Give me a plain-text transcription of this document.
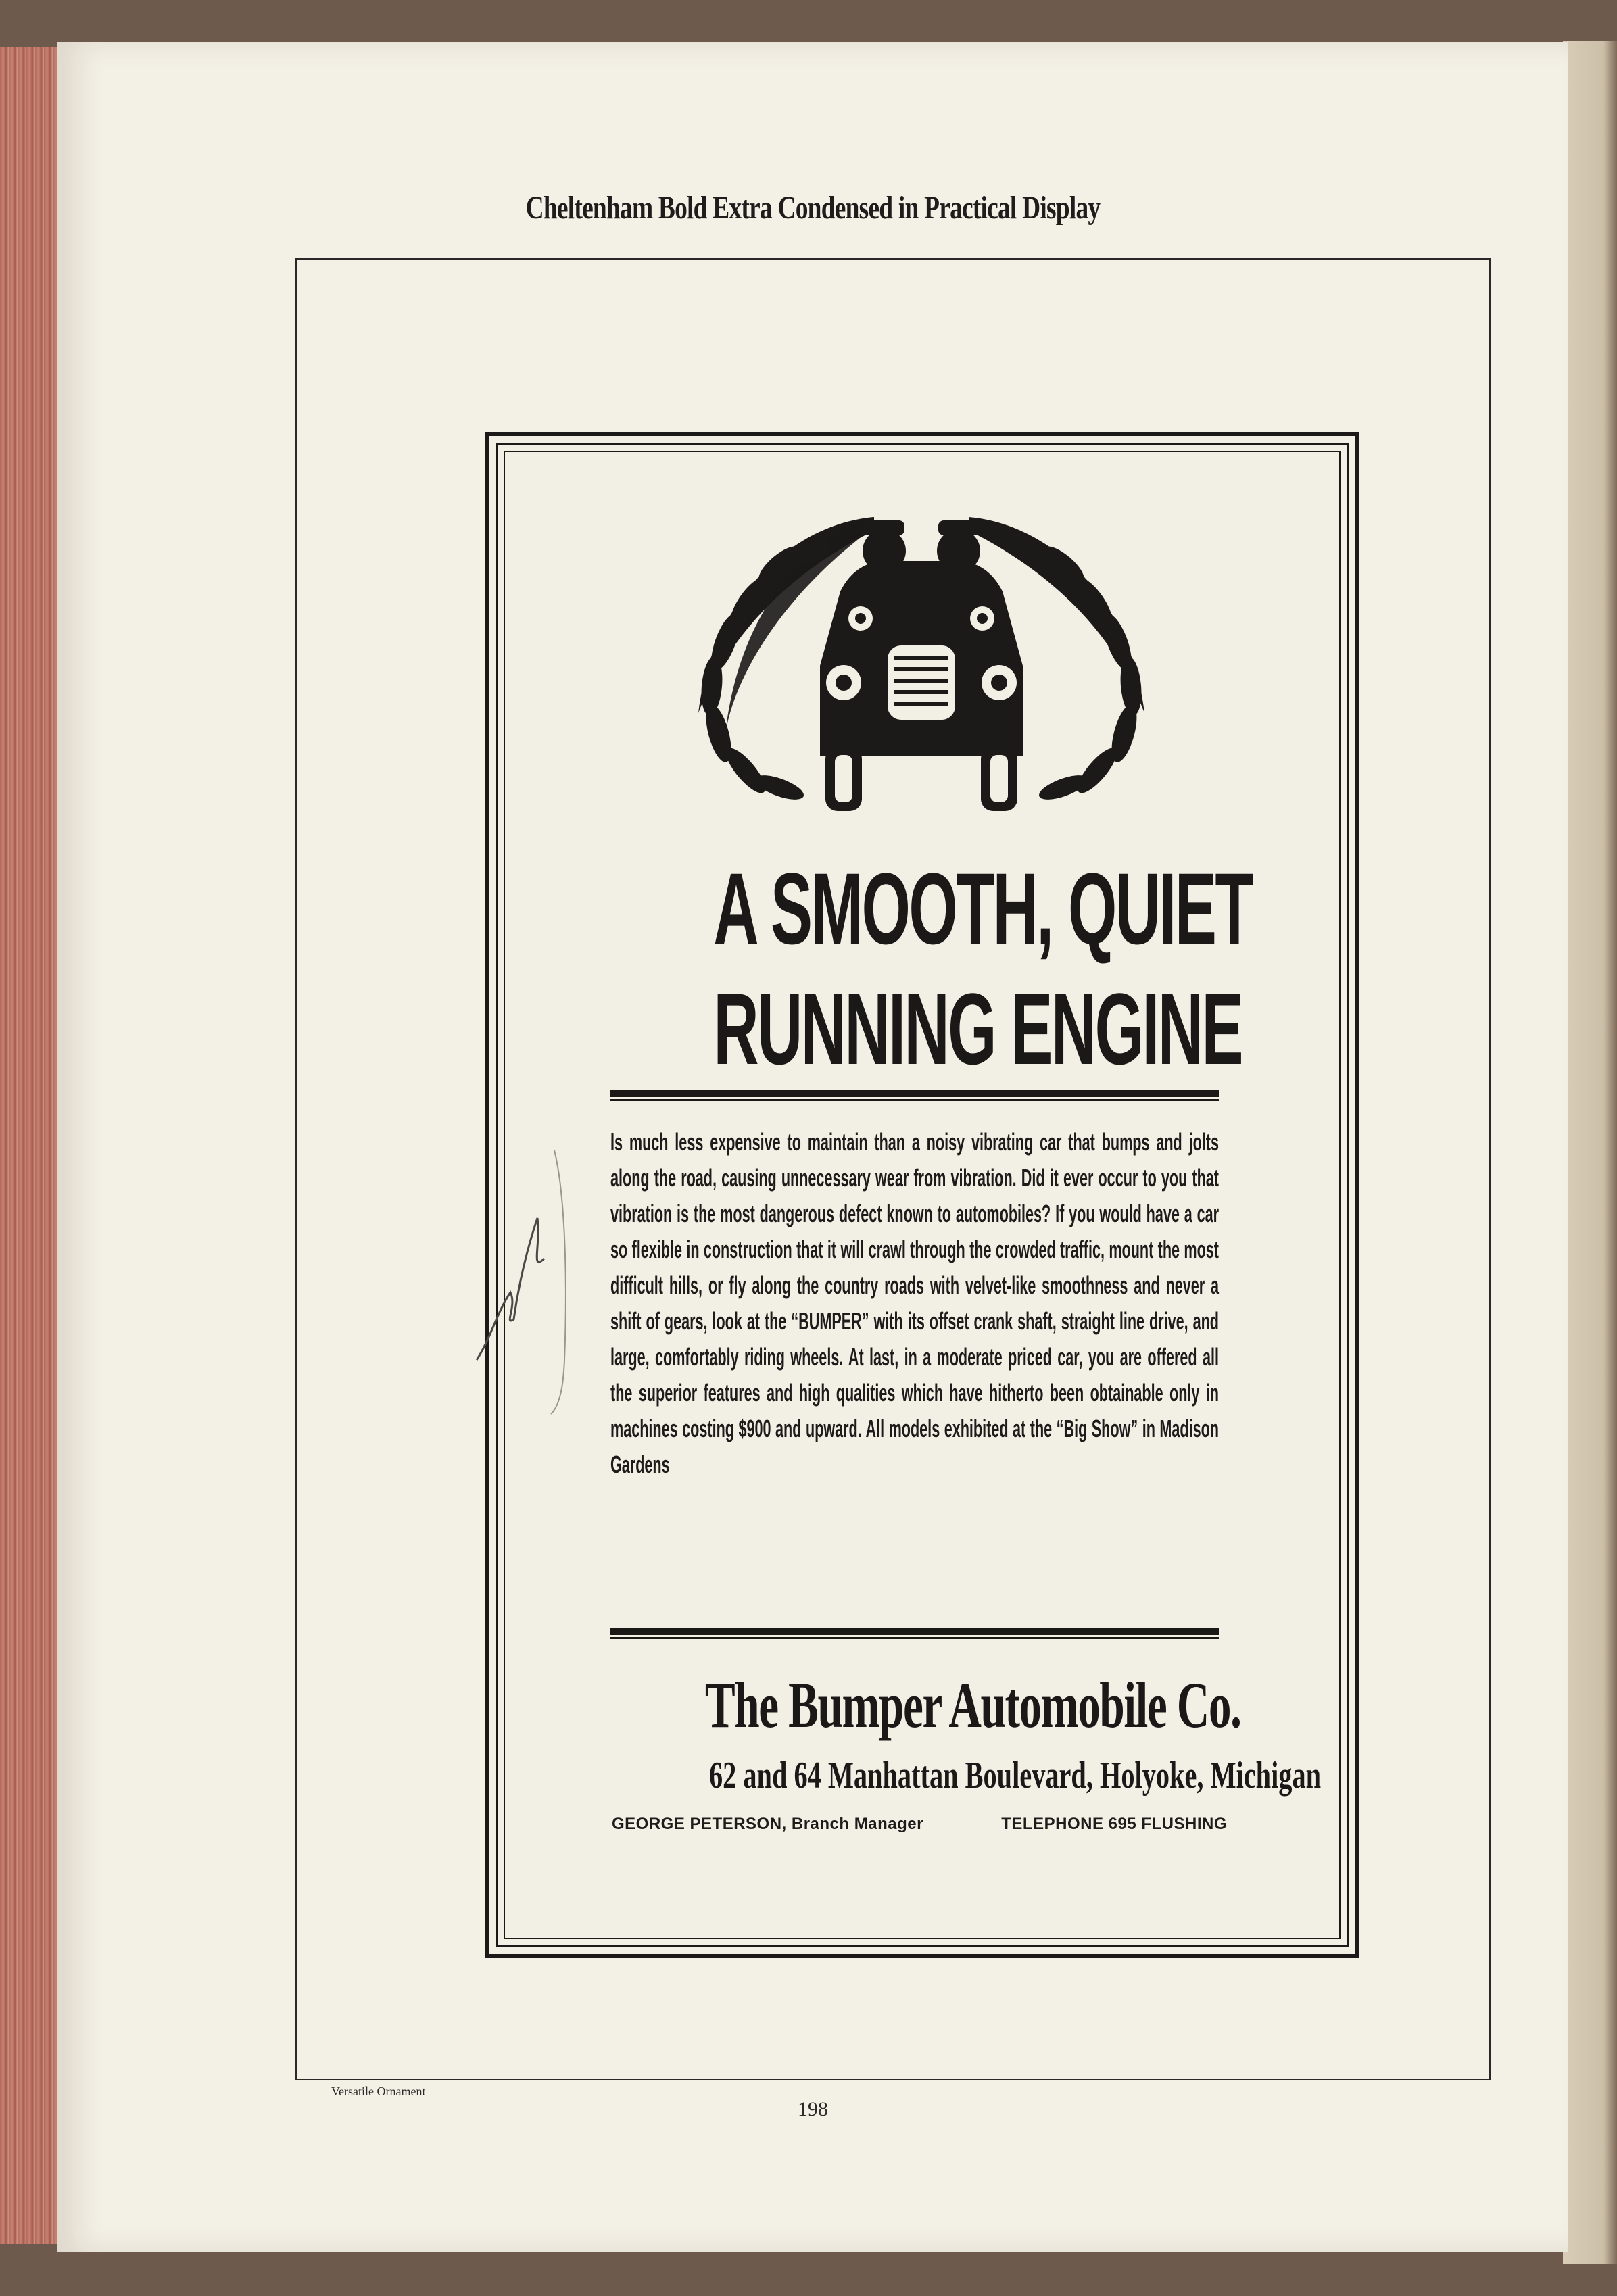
Cheltenham Bold Extra Condensed in Practical Display
A SMOOTH, QUIET
RUNNING ENGINE

Is much less expensive to maintain than a noisy vibrating car that bumps and jolts along the road, causing unnecessary wear from vibration. Did it ever occur to you that vibration is the most dangerous defect known to automobiles? If you would have a car so flexible in construction that it will crawl through the crowded traffic, mount the most difficult hills, or fly along the country roads with velvet-like smoothness and never a shift of gears, look at the “BUMPER” with its offset crank shaft, straight line drive, and large, comfortably riding wheels. At last, in a moderate priced car, you are offered all the superior features and high qualities which have hitherto been obtainable only in machines costing $900 and upward. All models exhibited at the “Big Show” in Madison Gardens

The Bumper Automobile Co.
62 and 64 Manhattan Boulevard, Holyoke, Michigan
GEORGE PETERSON, Branch Manager	TELEPHONE 695 FLUSHING
Versatile Ornament
198
